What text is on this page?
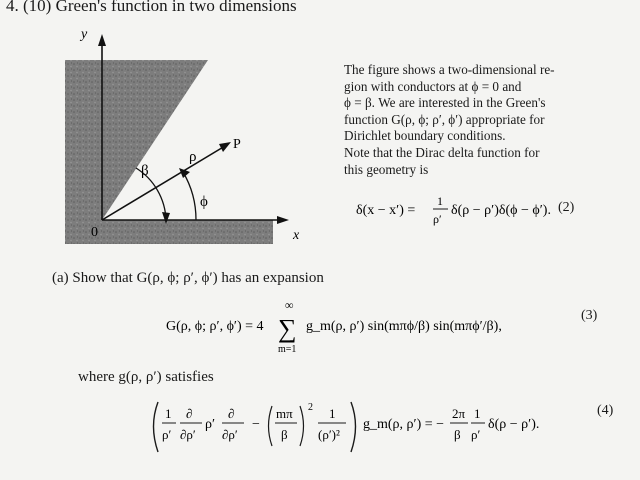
4. (10) Green's function in two dimensions
y
x
0
β
ρ
P
ϕ

The figure shows a two-dimensional re-

gion with conductors at ϕ = 0 and

ϕ = β. We are interested in the Green's

function G(ρ, ϕ; ρ′, ϕ′) appropriate for

Dirichlet boundary conditions.

Note that the Dirac delta function for

this geometry is

δ(x − x′) =
1
ρ′
δ(ρ − ρ′)δ(ϕ − ϕ′). (2)
(a) Show that G(ρ, ϕ; ρ′, ϕ′) has an expansion
G(ρ, ϕ; ρ′, ϕ′) = 4
∞
∑
m=1
g_m(ρ, ρ′) sin(mπϕ/β) sin(mπϕ′/β),
(3)
where g(ρ, ρ′) satisfies
1
ρ′
∂
∂ρ′
ρ′
∂
∂ρ′
−
mπ
β
2 1
(ρ′)²
g_m(ρ, ρ′) = −
2π
β
1
ρ′
δ(ρ − ρ′).
(4)
